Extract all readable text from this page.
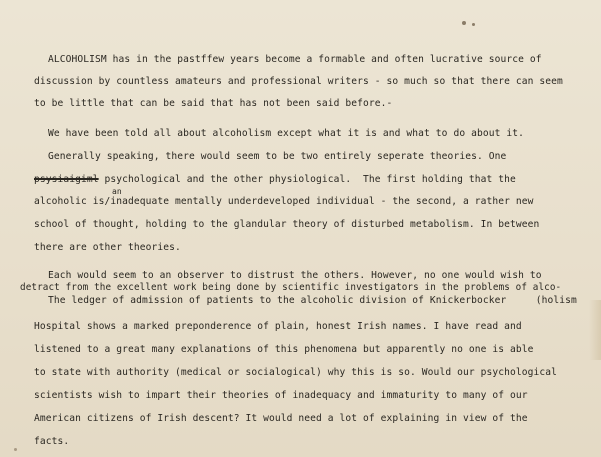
ALCOHOLISM has in the pastffew years become a formable and often lucrative source of
discussion by countless amateurs and professional writers - so much so that there can seem
to be little that can be said that has not been said before.-
We have been told all about alcoholism except what it is and what to do about it.
Generally speaking, there would seem to be two entirely seperate theories. One
psysiaigiml psychological and the other physiological.  The first holding that the
an
alcoholic is/inadequate mentally underdeveloped individual - the second, a rather new
school of thought, holding to the glandular theory of disturbed metabolism. In between
there are other theories.
Each would seem to an observer to distrust the others. However, no one would wish to
detract from the excellent work being done by scientific investigators in the problems of alco-
The ledger of admission of patients to the alcoholic division of Knickerbocker     (holism
Hospital shows a marked preponderence of plain, honest Irish names. I have read and
listened to a great many explanations of this phenomena but apparently no one is able
to state with authority (medical or socialogical) why this is so. Would our psychological
scientists wish to impart their theories of inadequacy and immaturity to many of our
American citizens of Irish descent? It would need a lot of explaining in view of the
facts.
